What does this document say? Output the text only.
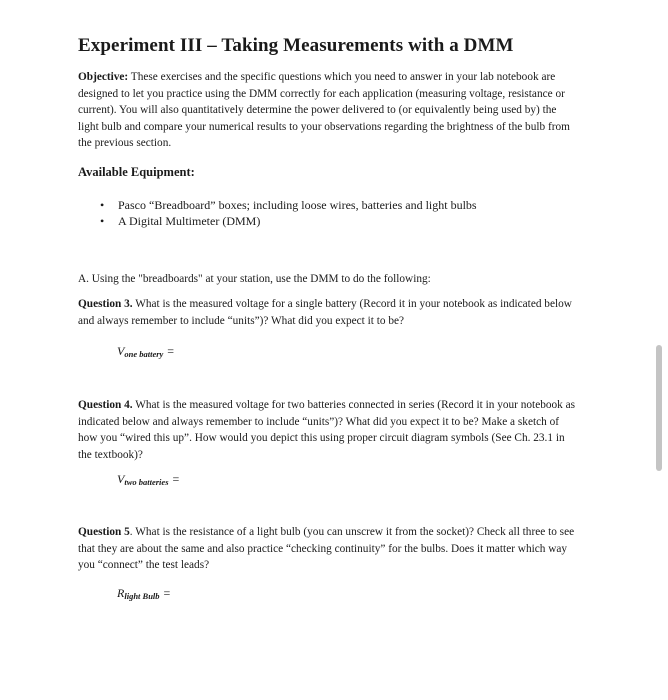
Experiment III – Taking Measurements with a DMM
Objective: These exercises and the specific questions which you need to answer in your lab notebook are designed to let you practice using the DMM correctly for each application (measuring voltage, resistance or current). You will also quantitatively determine the power delivered to (or equivalently being used by) the light bulb and compare your numerical results to your observations regarding the brightness of the bulb from the previous section.
Available Equipment:
• Pasco “Breadboard” boxes; including loose wires, batteries and light bulbs
• A Digital Multimeter (DMM)
A. Using the "breadboards" at your station, use the DMM to do the following:
Question 3. What is the measured voltage for a single battery (Record it in your notebook as indicated below and always remember to include “units”)? What did you expect it to be?
$V_{one battery}$ =
Question 4. What is the measured voltage for two batteries connected in series (Record it in your notebook as indicated below and always remember to include “units”)? What did you expect it to be? Make a sketch of how you “wired this up”. How would you depict this using proper circuit diagram symbols (See Ch. 23.1 in the textbook)?
$V_{two batteries}$ =
Question 5. What is the resistance of a light bulb (you can unscrew it from the socket)? Check all three to see that they are about the same and also practice “checking continuity” for the bulbs. Does it matter which way you “connect” the test leads?
$R_{light Bulb}$ =
